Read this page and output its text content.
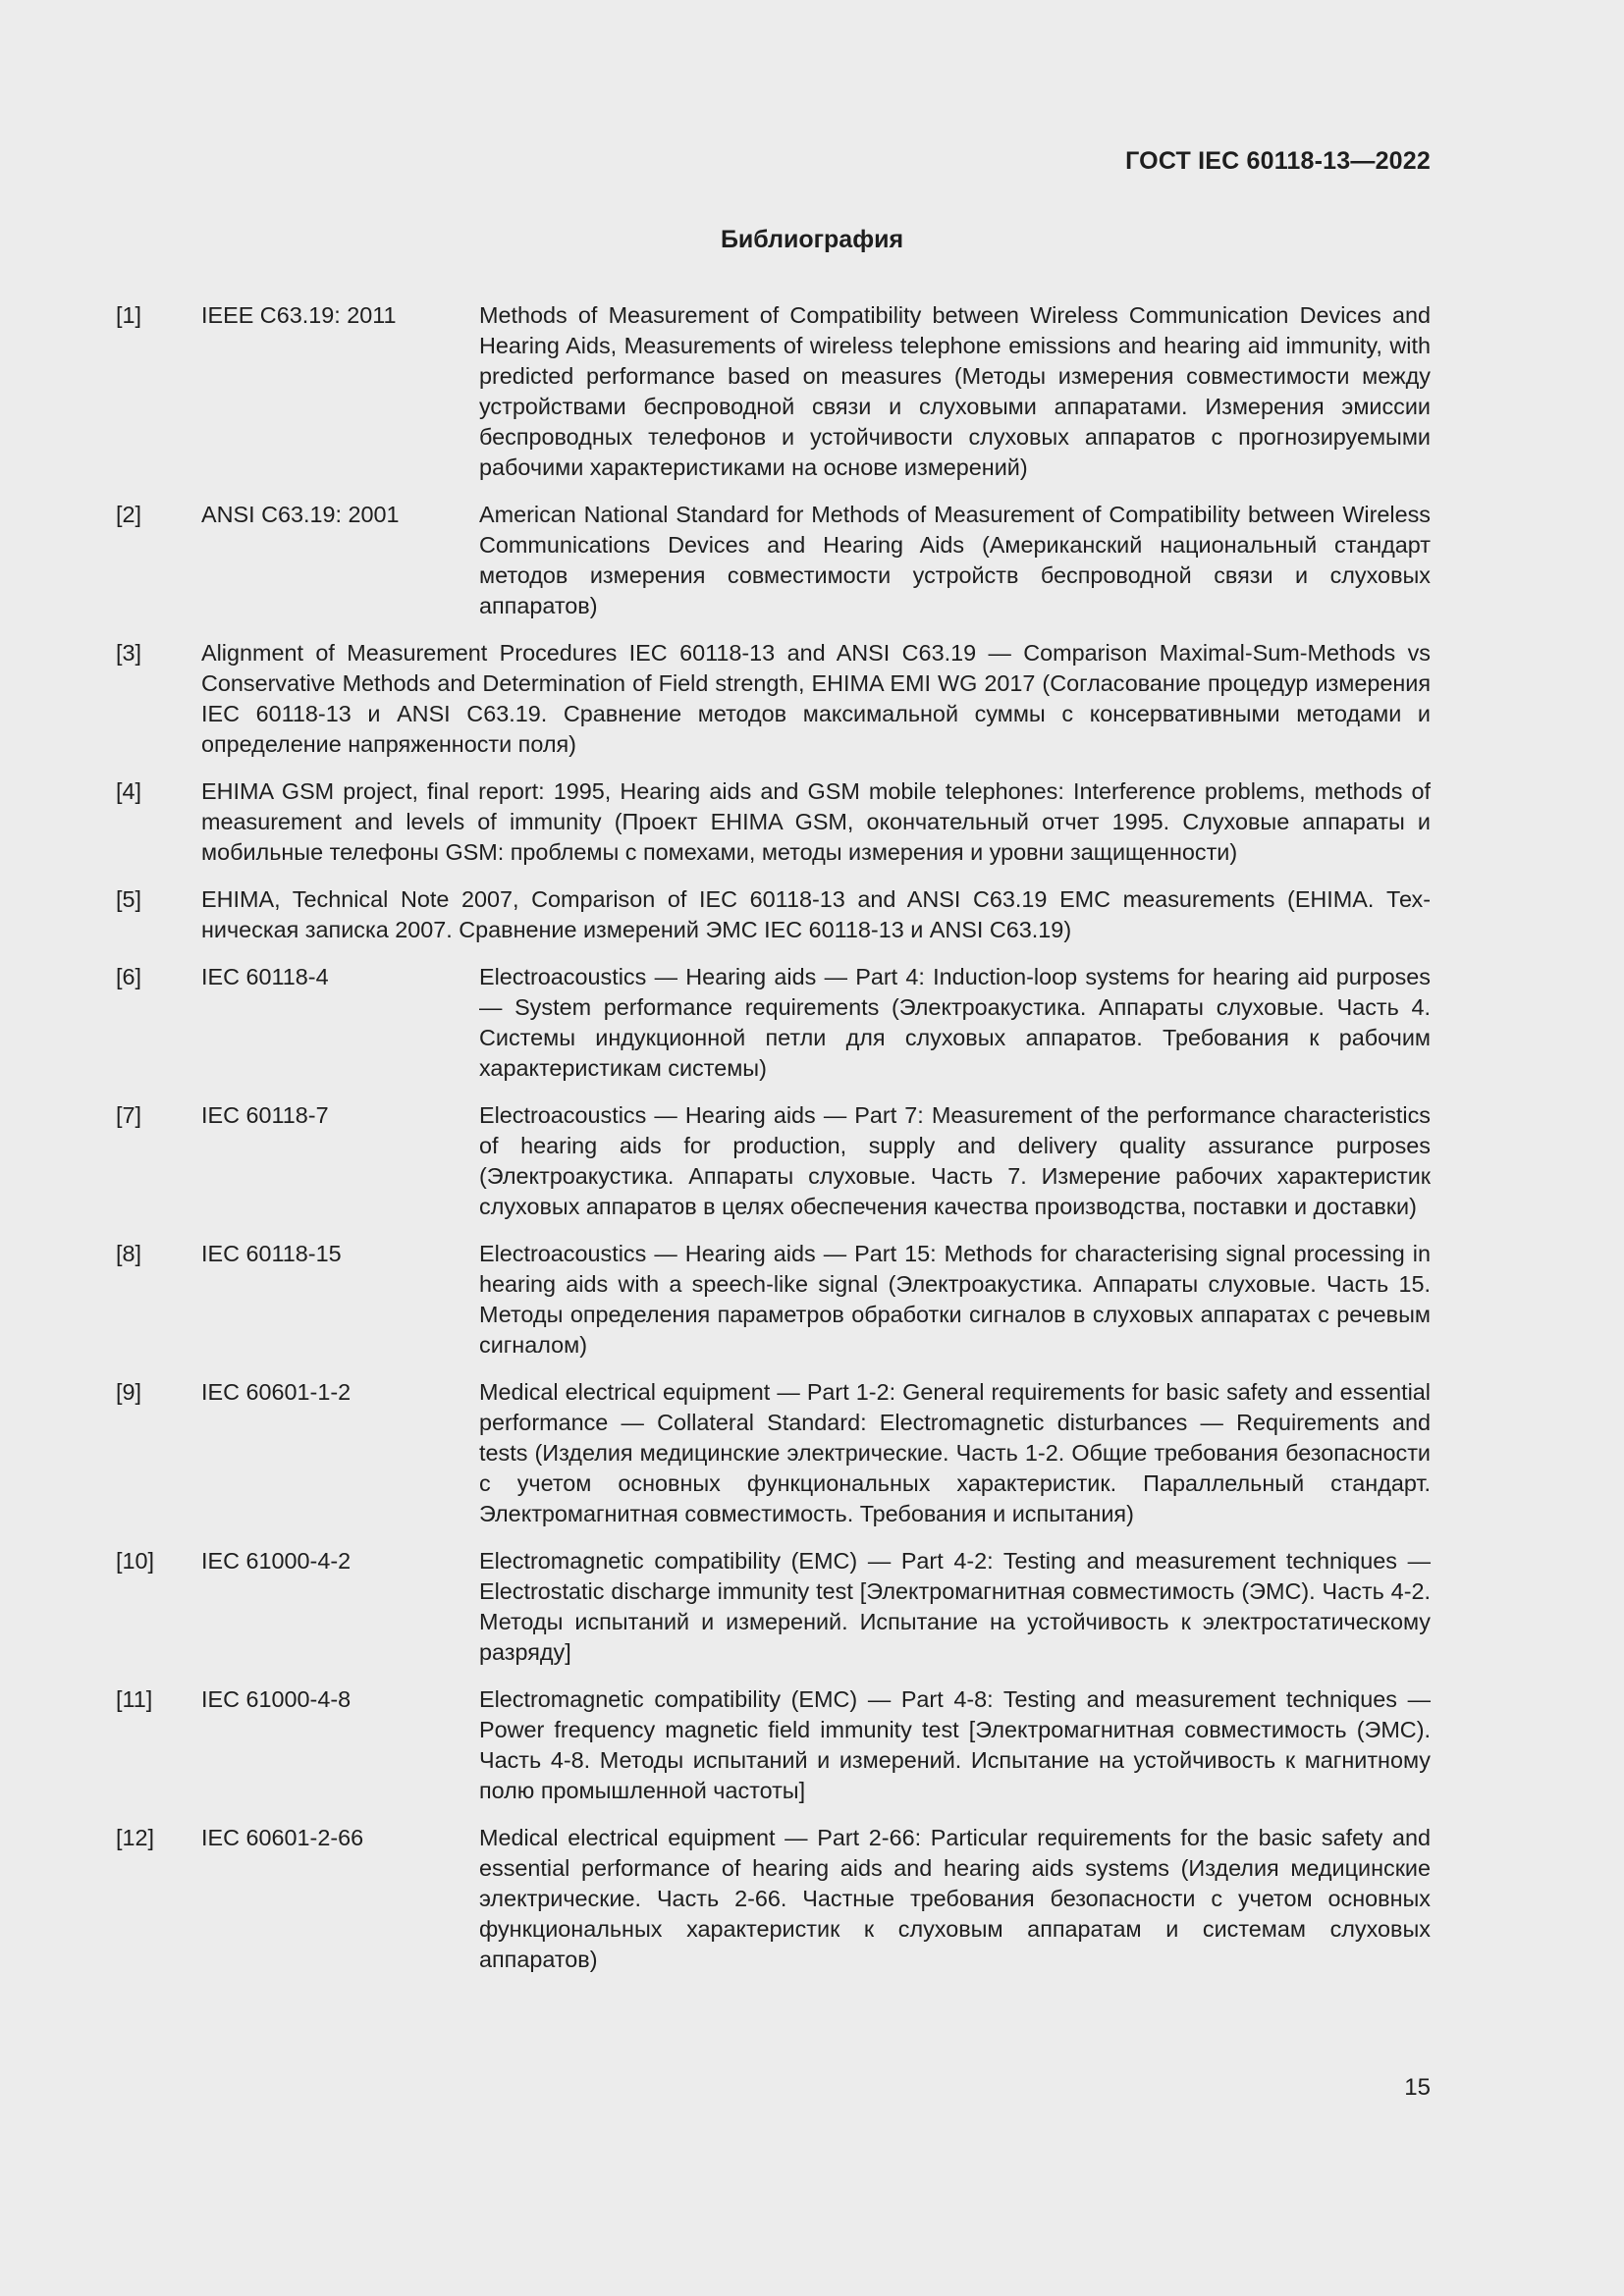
ГОСТ IEC 60118-13—2022

Библиография
[1]	IEEE C63.19: 2011	Methods of Measurement of Compatibility between Wireless Communication Devices and Hearing Aids, Measurements of wireless telephone emissions and hearing aid immunity, with predicted performance based on measures (Методы измерения совместимости между устройствами беспроводной связи и слуховыми аппаратами. Измерения эмиссии беспроводных телефонов и устойчивости слуховых аппаратов с прогнозируемыми рабочими характеристиками на основе измерений)
[2]	ANSI C63.19: 2001	American National Standard for Methods of Measurement of Compatibility between Wireless Communications Devices and Hearing Aids (Американский национальный стандарт методов измерения совместимости устройств беспроводной связи и слуховых аппаратов)
[3]	Alignment of Measurement Procedures IEC 60118-13 and ANSI C63.19 — Comparison Maximal-Sum-Methods vs Conservative Methods and Determination of Field strength, EHIMA EMI WG 2017 (Согласование процедур измерения IEC 60118-13 и ANSI C63.19. Сравнение методов максимальной суммы с консервативными методами и определение напряженности поля)
[4]	EHIMA GSM project, final report: 1995, Hearing aids and GSM mobile telephones: Interference problems, methods of measurement and levels of immunity (Проект EHIMA GSM, окончательный отчет 1995. Слуховые аппараты и мобильные телефоны GSM: проблемы с помехами, методы измерения и уровни защищенности)
[5]	EHIMA, Technical Note 2007, Comparison of IEC 60118-13 and ANSI C63.19 EMC measurements (EHIMA. Техническая записка 2007. Сравнение измерений ЭМС IEC 60118-13 и ANSI C63.19)
[6]	IEC 60118-4	Electroacoustics — Hearing aids — Part 4: Induction-loop systems for hearing aid purposes — System performance requirements (Электроакустика. Аппараты слуховые. Часть 4. Системы индукционной петли для слуховых аппаратов. Требования к рабочим характеристикам системы)
[7]	IEC 60118-7	Electroacoustics — Hearing aids — Part 7: Measurement of the performance characteristics of hearing aids for production, supply and delivery quality assurance purposes (Электроакустика. Аппараты слуховые. Часть 7. Измерение рабочих характеристик слуховых аппаратов в целях обеспечения качества производства, поставки и доставки)
[8]	IEC 60118-15	Electroacoustics — Hearing aids — Part 15: Methods for characterising signal processing in hearing aids with a speech-like signal (Электроакустика. Аппараты слуховые. Часть 15. Методы определения параметров обработки сигналов в слуховых аппаратах с речевым сигналом)
[9]	IEC 60601-1-2	Medical electrical equipment — Part 1-2: General requirements for basic safety and essential performance — Collateral Standard: Electromagnetic disturbances — Requirements and tests (Изделия медицинские электрические. Часть 1-2. Общие требования безопасности с учетом основных функциональных характеристик. Параллельный стандарт. Электромагнитная совместимость. Требования и испытания)
[10] IEC 61000-4-2	Electromagnetic compatibility (EMC) — Part 4-2: Testing and measurement techniques — Electrostatic discharge immunity test [Электромагнитная совместимость (ЭМС). Часть 4-2. Методы испытаний и измерений. Испытание на устойчивость к электростатическому разряду]
[11] IEC 61000-4-8	Electromagnetic compatibility (EMC) — Part 4-8: Testing and measurement techniques — Power frequency magnetic field immunity test [Электромагнитная совместимость (ЭМС). Часть 4-8. Методы испытаний и измерений. Испытание на устойчивость к магнитному полю промышленной частоты]
[12] IEC 60601-2-66	Medical electrical equipment — Part 2-66: Particular requirements for the basic safety and essential performance of hearing aids and hearing aids systems (Изделия медицинские электрические. Часть 2-66. Частные требования безопасности с учетом основных функциональных характеристик к слуховым аппаратам и системам слуховых аппаратов)

15
